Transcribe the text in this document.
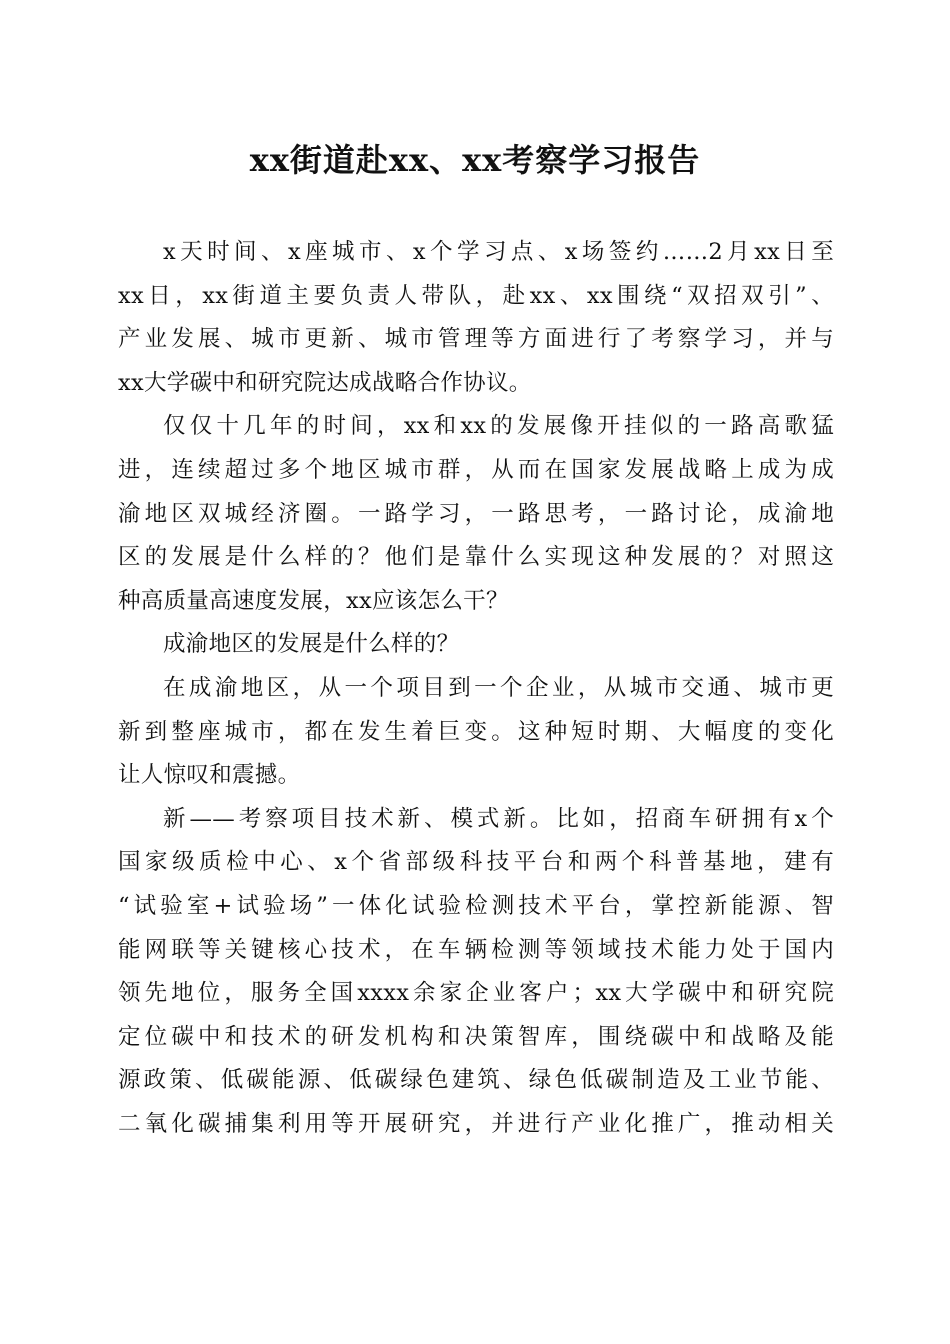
xx街道赴xx、xx考察学习报告
x天时间、x座城市、x个学习点、x场签约……2月xx日至
xx日，xx街道主要负责人带队，赴xx、xx围绕“双招双引”、
产业发展、城市更新、城市管理等方面进行了考察学习，并与
xx大学碳中和研究院达成战略合作协议。
仅仅十几年的时间，xx和xx的发展像开挂似的一路高歌猛
进，连续超过多个地区城市群，从而在国家发展战略上成为成
渝地区双城经济圈。一路学习，一路思考，一路讨论，成渝地
区的发展是什么样的？他们是靠什么实现这种发展的？对照这
种高质量高速度发展，xx应该怎么干？
成渝地区的发展是什么样的？
在成渝地区，从一个项目到一个企业，从城市交通、城市更
新到整座城市，都在发生着巨变。这种短时期、大幅度的变化
让人惊叹和震撼。
新——考察项目技术新、模式新。比如，招商车研拥有x个
国家级质检中心、x个省部级科技平台和两个科普基地，建有
“试验室+试验场”一体化试验检测技术平台，掌控新能源、智
能网联等关键核心技术，在车辆检测等领域技术能力处于国内
领先地位，服务全国xxxx余家企业客户；xx大学碳中和研究院
定位碳中和技术的研发机构和决策智库，围绕碳中和战略及能
源政策、低碳能源、低碳绿色建筑、绿色低碳制造及工业节能、
二氧化碳捕集利用等开展研究，并进行产业化推广，推动相关
